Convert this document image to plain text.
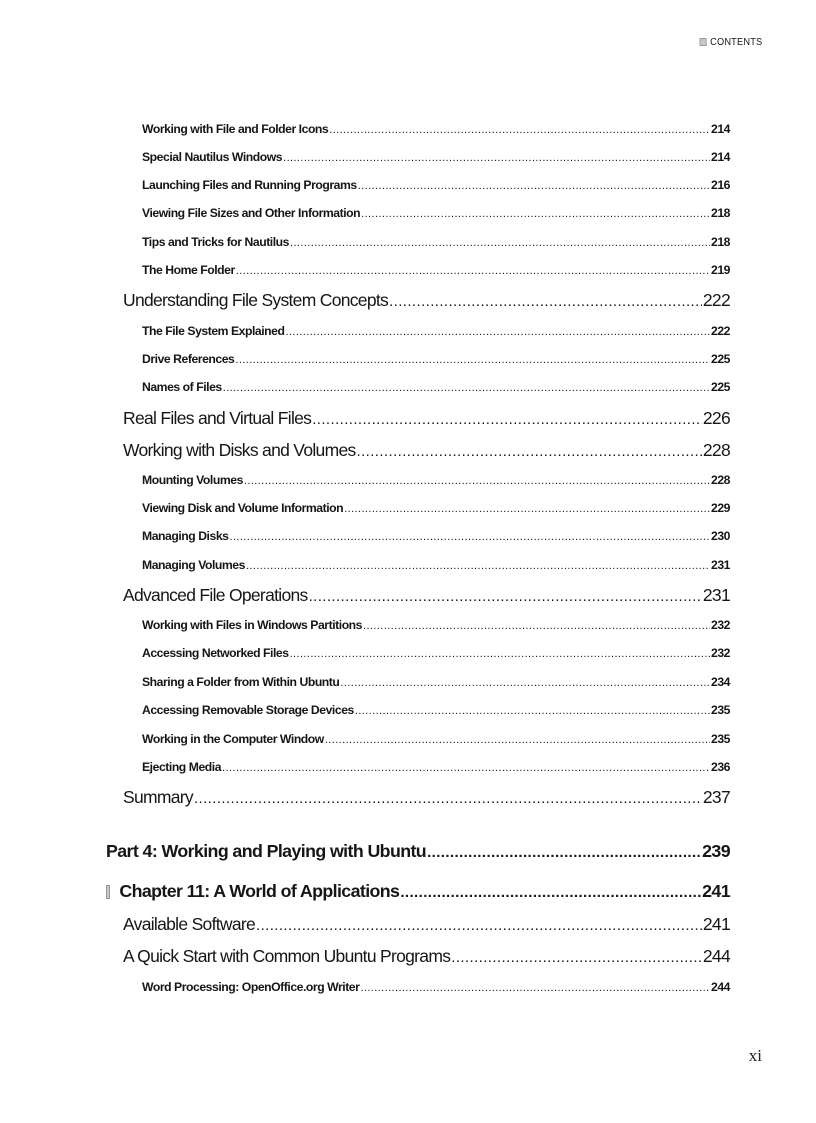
CONTENTS
Working with File and Folder Icons .....	214
Special Nautilus Windows .....	214
Launching Files and Running Programs .....	216
Viewing File Sizes and Other Information .....	218
Tips and Tricks for Nautilus .....	218
The Home Folder .....	219
Understanding File System Concepts .....	222
The File System Explained .....	222
Drive References .....	225
Names of Files .....	225
Real Files and Virtual Files .....	226
Working with Disks and Volumes .....	228
Mounting Volumes .....	228
Viewing Disk and Volume Information .....	229
Managing Disks .....	230
Managing Volumes .....	231
Advanced File Operations .....	231
Working with Files in Windows Partitions .....	232
Accessing Networked Files .....	232
Sharing a Folder from Within Ubuntu .....	234
Accessing Removable Storage Devices .....	235
Working in the Computer Window .....	235
Ejecting Media .....	236
Summary .....	237
Part 4: Working and Playing with Ubuntu .....	239
Chapter 11: A World of Applications .....	241
Available Software .....	241
A Quick Start with Common Ubuntu Programs .....	244
Word Processing: OpenOffice.org Writer .....	244
xi
